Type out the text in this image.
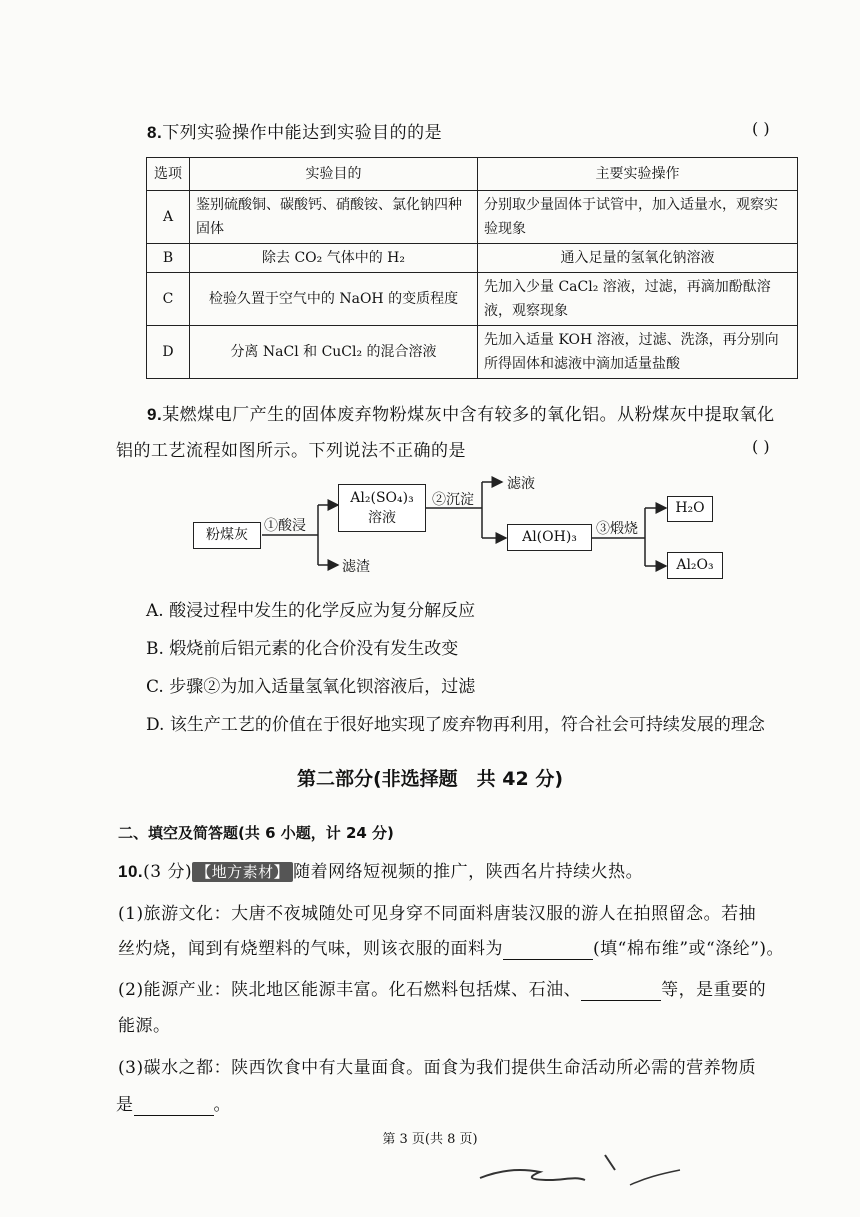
8.下列实验操作中能达到实验目的的是	( )
选项	实验目的	主要实验操作
A	鉴别硫酸铜、碳酸钙、硝酸铵、氯化钠四种固体	分别取少量固体于试管中，加入适量水，观察实验现象
B	除去 CO₂ 气体中的 H₂	通入足量的氢氧化钠溶液
C	检验久置于空气中的 NaOH 的变质程度	先加入少量 CaCl₂ 溶液，过滤，再滴加酚酞溶液，观察现象
D	分离 NaCl 和 CuCl₂ 的混合溶液	先加入适量 KOH 溶液，过滤、洗涤，再分别向所得固体和滤液中滴加适量盐酸
9.某燃煤电厂产生的固体废弃物粉煤灰中含有较多的氧化铝。从粉煤灰中提取氧化
铝的工艺流程如图所示。下列说法不正确的是	( )
粉煤灰
①酸浸
Al₂(SO₄)₃
溶液
滤渣
②沉淀
滤液
Al(OH)₃	③煅烧
H₂O
Al₂O₃
A. 酸浸过程中发生的化学反应为复分解反应
B. 煅烧前后铝元素的化合价没有发生改变
C. 步骤②为加入适量氢氧化钡溶液后，过滤
D. 该生产工艺的价值在于很好地实现了废弃物再利用，符合社会可持续发展的理念
第二部分(非选择题　共 42 分)
二、填空及简答题(共 6 小题，计 24 分)
10.(3 分) 【地方素材】 随着网络短视频的推广，陕西名片持续火热。
(1)旅游文化：大唐不夜城随处可见身穿不同面料唐装汉服的游人在拍照留念。若抽
丝灼烧，闻到有烧塑料的气味，则该衣服的面料为	(填“棉布维”或“涤纶”)。
(2)能源产业：陕北地区能源丰富。化石燃料包括煤、石油、	等，是重要的
能源。
(3)碳水之都：陕西饮食中有大量面食。面食为我们提供生命活动所必需的营养物质
是	。
第 3 页(共 8 页)
